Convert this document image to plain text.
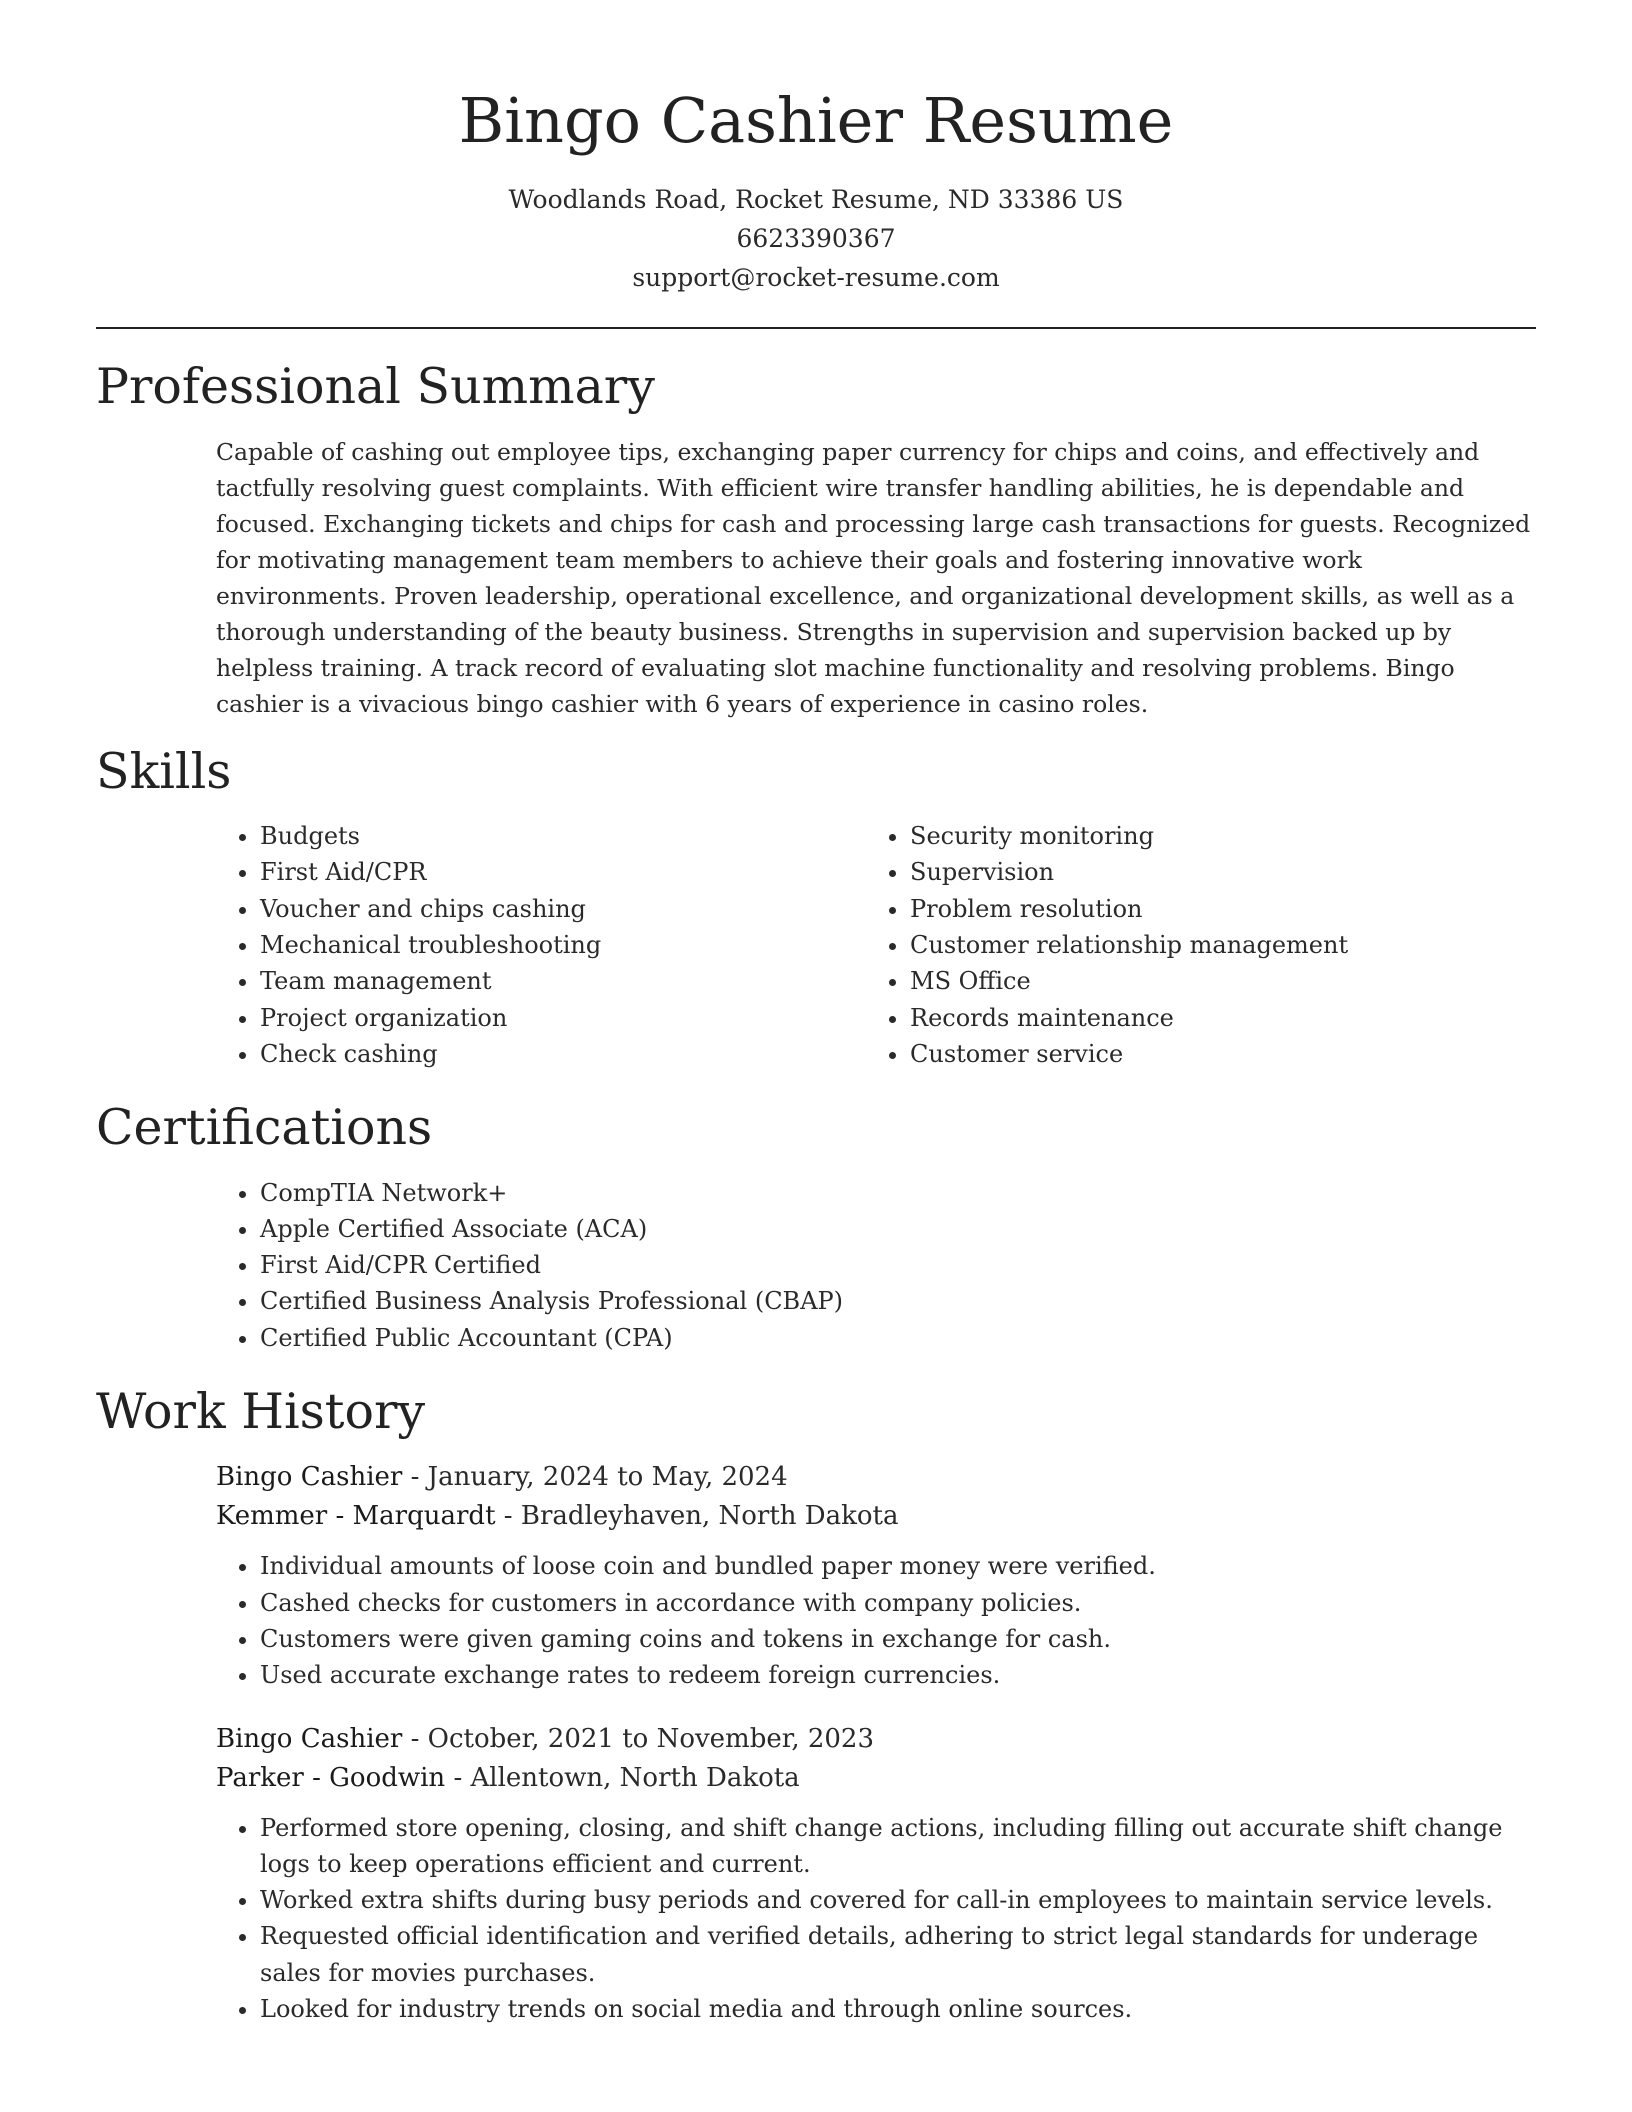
Bingo Cashier Resume
Woodlands Road, Rocket Resume, ND 33386 US
6623390367
support@rocket-resume.com
Professional Summary

Capable of cashing out employee tips, exchanging paper currency for chips and coins, and effectively and tactfully resolving guest complaints. With efficient wire transfer handling abilities, he is dependable and focused. Exchanging tickets and chips for cash and processing large cash transactions for guests. Recognized for motivating management team members to achieve their goals and fostering innovative work environments. Proven leadership, operational excellence, and organizational development skills, as well as a thorough understanding of the beauty business. Strengths in supervision and supervision backed up by helpless training. A track record of evaluating slot machine functionality and resolving problems. Bingo cashier is a vivacious bingo cashier with 6 years of experience in casino roles.

Skills
• Budgets
• First Aid/CPR
• Voucher and chips cashing
• Mechanical troubleshooting
• Team management
• Project organization
• Check cashing
• Security monitoring
• Supervision
• Problem resolution
• Customer relationship management
• MS Office
• Records maintenance
• Customer service
Certifications
• CompTIA Network+
• Apple Certified Associate (ACA)
• First Aid/CPR Certified
• Certified Business Analysis Professional (CBAP)
• Certified Public Accountant (CPA)
Work History
Bingo Cashier - January, 2024 to May, 2024
Kemmer - Marquardt - Bradleyhaven, North Dakota
• Individual amounts of loose coin and bundled paper money were verified.
• Cashed checks for customers in accordance with company policies.
• Customers were given gaming coins and tokens in exchange for cash.
• Used accurate exchange rates to redeem foreign currencies.
Bingo Cashier - October, 2021 to November, 2023
Parker - Goodwin - Allentown, North Dakota
• Performed store opening, closing, and shift change actions, including filling out accurate shift change logs to keep operations efficient and current.
• Worked extra shifts during busy periods and covered for call-in employees to maintain service levels.
• Requested official identification and verified details, adhering to strict legal standards for underage sales for movies purchases.
• Looked for industry trends on social media and through online sources.
